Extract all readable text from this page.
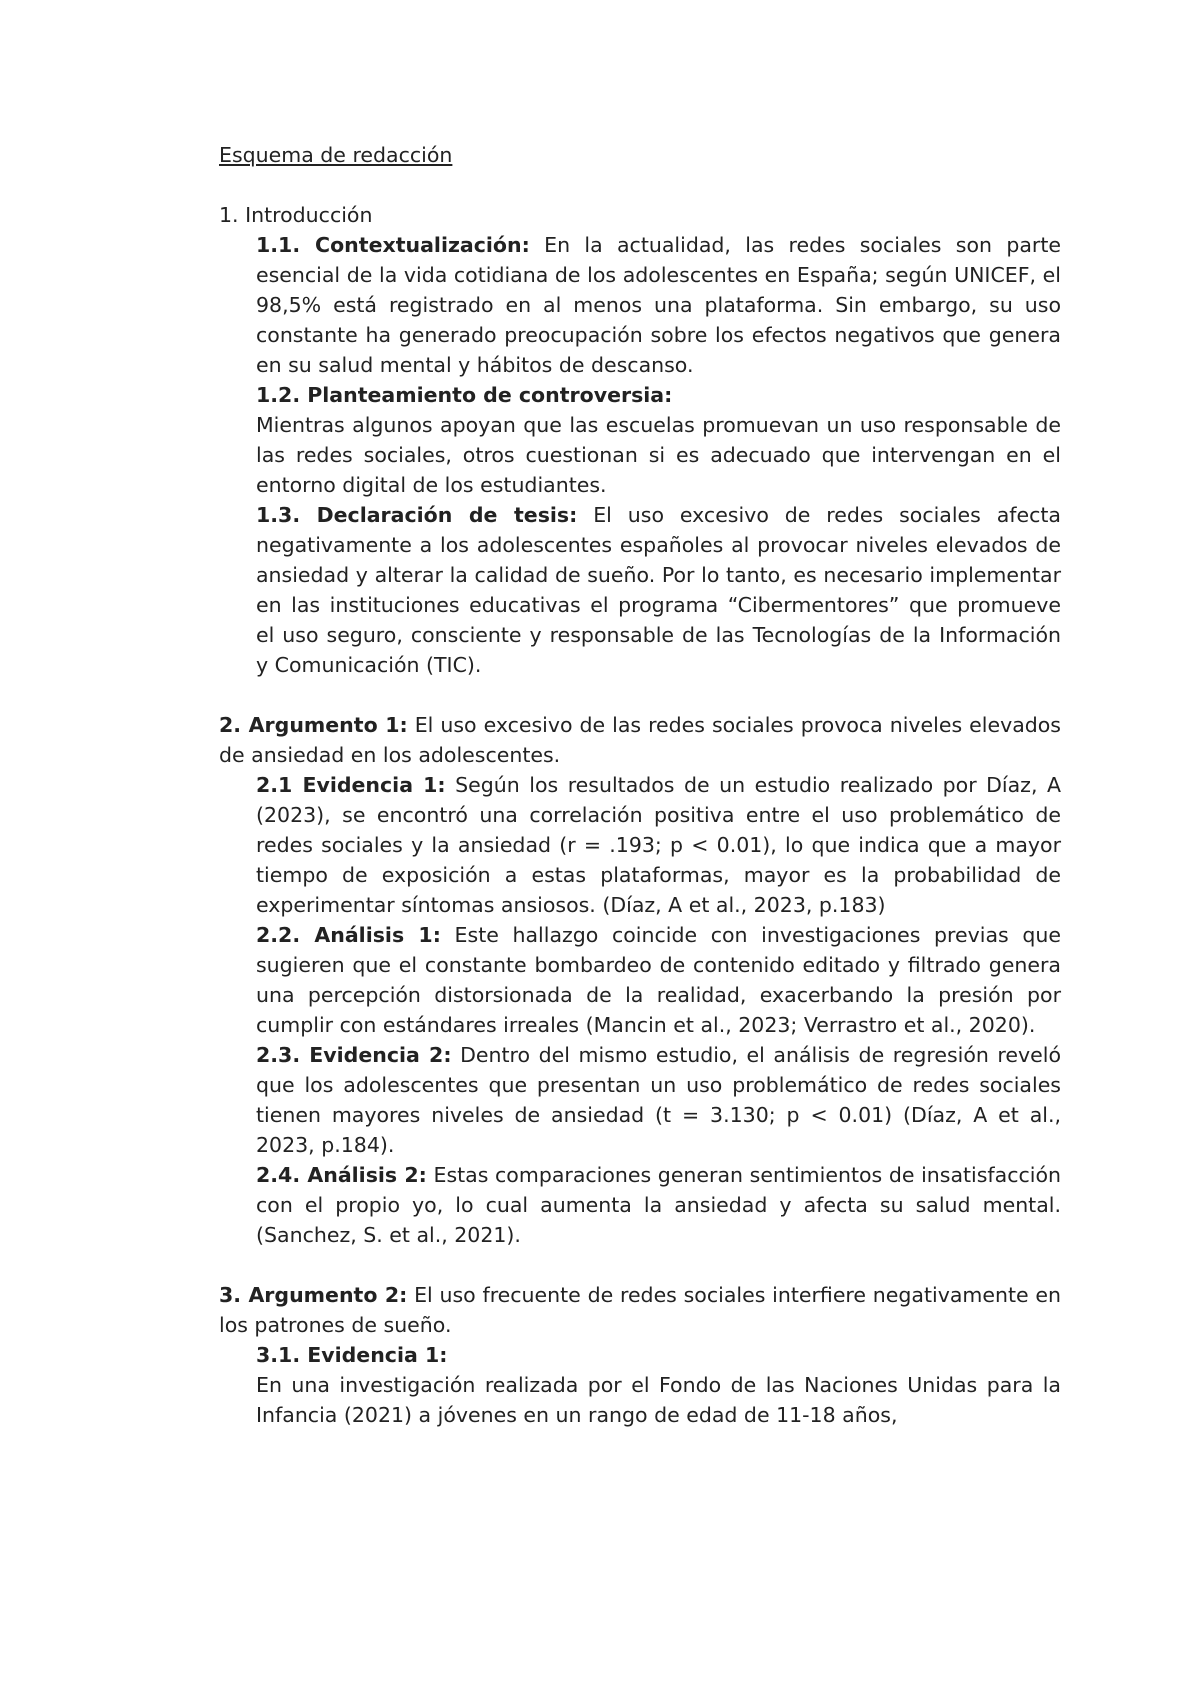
Esquema de redacción

1. Introducción

1.1. Contextualización: En la actualidad, las redes sociales son parte esencial de la vida cotidiana de los adolescentes en España; según UNICEF, el 98,5% está registrado en al menos una plataforma. Sin embargo, su uso constante ha generado preocupación sobre los efectos negativos que genera en su salud mental y hábitos de descanso.

1.2. Planteamiento de controversia:

Mientras algunos apoyan que las escuelas promuevan un uso responsable de las redes sociales, otros cuestionan si es adecuado que intervengan en el entorno digital de los estudiantes.

1.3. Declaración de tesis: El uso excesivo de redes sociales afecta negativamente a los adolescentes españoles al provocar niveles elevados de ansiedad y alterar la calidad de sueño. Por lo tanto, es necesario implementar en las instituciones educativas el programa “Cibermentores” que promueve el uso seguro, consciente y responsable de las Tecnologías de la Información y Comunicación (TIC).

2. Argumento 1: El uso excesivo de las redes sociales provoca niveles elevados de ansiedad en los adolescentes.

2.1 Evidencia 1: Según los resultados de un estudio realizado por Díaz, A (2023), se encontró una correlación positiva entre el uso problemático de redes sociales y la ansiedad (r = .193; p < 0.01), lo que indica que a mayor tiempo de exposición a estas plataformas, mayor es la probabilidad de experimentar síntomas ansiosos. (Díaz, A et al., 2023, p.183)

2.2. Análisis 1: Este hallazgo coincide con investigaciones previas que sugieren que el constante bombardeo de contenido editado y filtrado genera una percepción distorsionada de la realidad, exacerbando la presión por cumplir con estándares irreales (Mancin et al., 2023; Verrastro et al., 2020).

2.3. Evidencia 2: Dentro del mismo estudio, el análisis de regresión reveló que los adolescentes que presentan un uso problemático de redes sociales tienen mayores niveles de ansiedad (t = 3.130; p < 0.01) (Díaz, A et al., 2023, p.184).

2.4. Análisis 2: Estas comparaciones generan sentimientos de insatisfacción con el propio yo, lo cual aumenta la ansiedad y afecta su salud mental. (Sanchez, S. et al., 2021).

3. Argumento 2: El uso frecuente de redes sociales interfiere negativamente en los patrones de sueño.

3.1. Evidencia 1:

En una investigación realizada por el Fondo de las Naciones Unidas para la Infancia (2021) a jóvenes en un rango de edad de 11-18 años,
